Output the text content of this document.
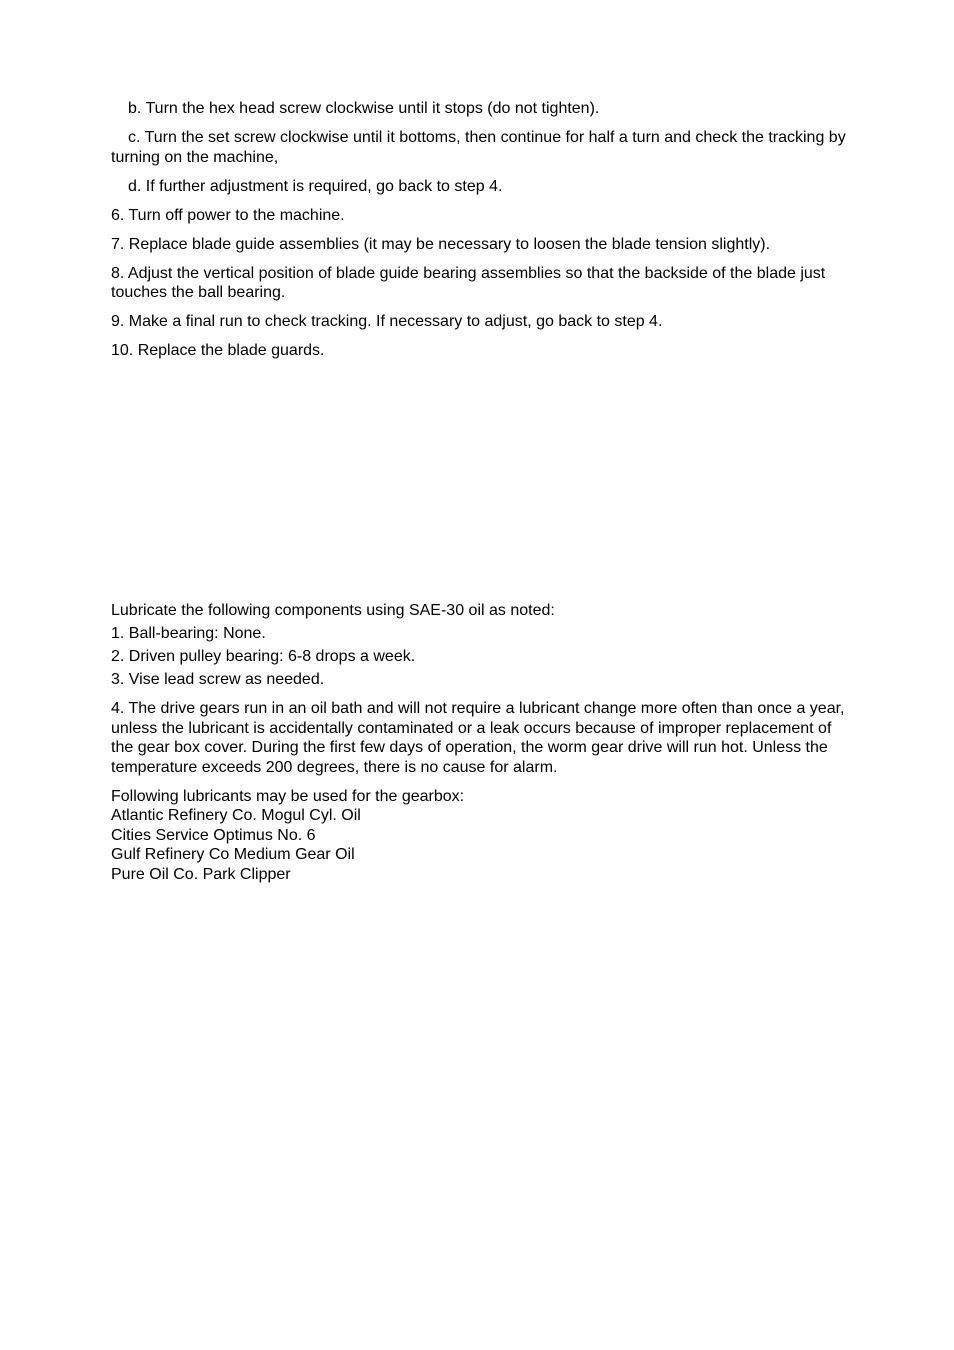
b. Turn the hex head screw clockwise until it stops (do not tighten).

c. Turn the set screw clockwise until it bottoms, then continue for half a turn and check the tracking by turning on the machine,

d. If further adjustment is required, go back to step 4.

6. Turn off power to the machine.

7. Replace blade guide assemblies (it may be necessary to loosen the blade tension slightly).

8. Adjust the vertical position of blade guide bearing assemblies so that the backside of the blade just touches the ball bearing.

9. Make a final run to check tracking. If necessary to adjust, go back to step 4.

10. Replace the blade guards.

Lubricate the following components using SAE-30 oil as noted:

1. Ball-bearing: None.

2. Driven pulley bearing: 6-8 drops a week.

3. Vise lead screw as needed.

4. The drive gears run in an oil bath and will not require a lubricant change more often than once a year, unless the lubricant is accidentally contaminated or a leak occurs because of improper replacement of the gear box cover. During the first few days of operation, the worm gear drive will run hot. Unless the temperature exceeds 200 degrees, there is no cause for alarm.

Following lubricants may be used for the gearbox:
Atlantic Refinery Co. Mogul Cyl. Oil
Cities Service Optimus No. 6
Gulf Refinery Co Medium Gear Oil
Pure Oil Co. Park Clipper
